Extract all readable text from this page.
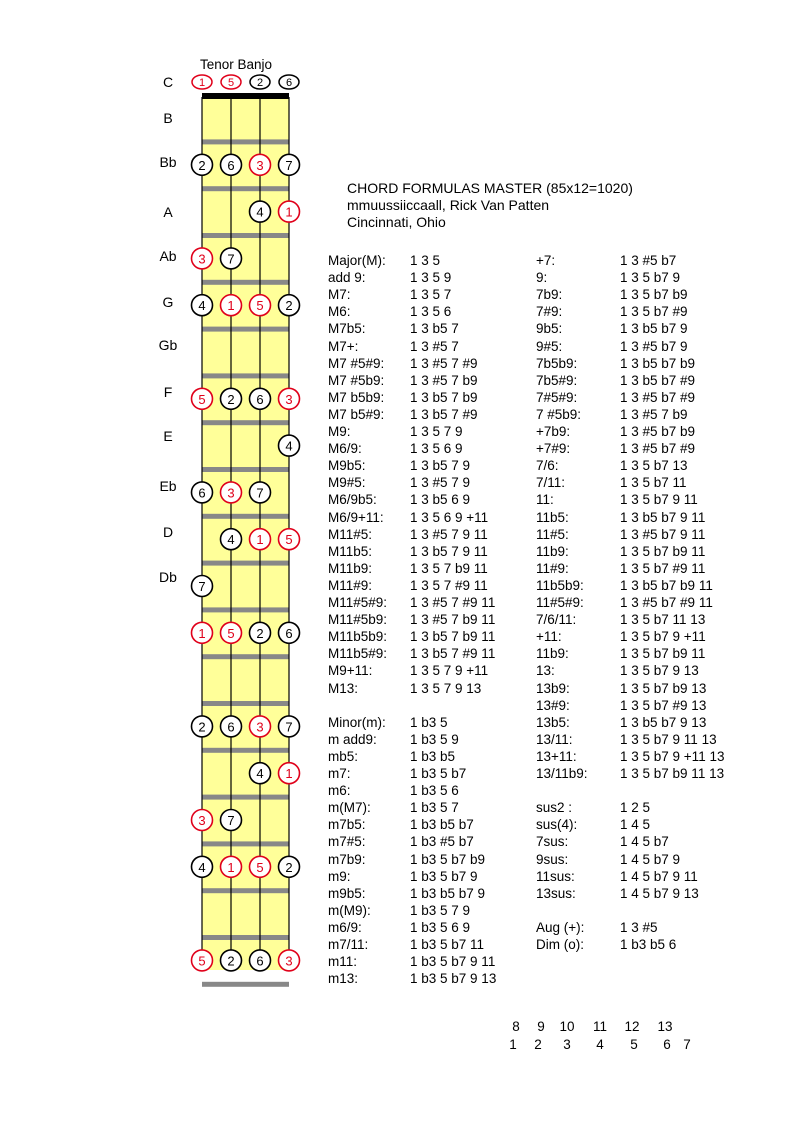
1 5 2 6
2 6 3 7
4 1
3 7
4 1 5 2
5 2 6 3
4
6 3 7
4 1 5
7
1 5 2 6
2 6 3 7
4 1
3 7
4 1 5 2
5 2 6 3
Tenor Banjo
C
B
Bb
A
Ab
G
Gb
F
E
Eb
D
Db
CHORD FORMULAS MASTER (85x12=1020)
mmuussiiccaall, Rick Van Patten
Cincinnati, Ohio
Major(M): 1 3 5
add 9:	1 3 5 9
M7:	1 3 5 7
M6:	1 3 5 6
M7b5:	1 3 b5 7
M7+:	1 3 #5 7
M7 #5#9: 1 3 #5 7 #9
M7 #5b9: 1 3 #5 7 b9
M7 b5b9: 1 3 b5 7 b9
M7 b5#9: 1 3 b5 7 #9
M9:	1 3 5 7 9
M6/9:	1 3 5 6 9
M9b5:	1 3 b5 7 9
M9#5:	1 3 #5 7 9
M6/9b5: 1 3 b5 6 9
M6/9+11: 1 3 5 6 9 +11
M11#5:	1 3 #5 7 9 11
M11b5:	1 3 b5 7 9 11
M11b9:	1 3 5 7 b9 11
M11#9:	1 3 5 7 #9 11
M11#5#9: 1 3 #5 7 #9 11
M11#5b9: 1 3 #5 7 b9 11
M11b5b9: 1 3 b5 7 b9 11
M11b5#9: 1 3 b5 7 #9 11
M9+11:	1 3 5 7 9 +11
M13:	1 3 5 7 9 13
Minor(m): 1 b3 5
m add9: 1 b3 5 9
mb5:	1 b3 b5
m7:	1 b3 5 b7
m6:	1 b3 5 6
m(M7):	1 b3 5 7
m7b5:	1 b3 b5 b7
m7#5:	1 b3 #5 b7
m7b9:	1 b3 5 b7 b9
m9:	1 b3 5 b7 9
m9b5:	1 b3 b5 b7 9
m(M9):	1 b3 5 7 9
m6/9:	1 b3 5 6 9
m7/11:	1 b3 5 b7 11
m11:	1 b3 5 b7 9 11
m13:	1 b3 5 b7 9 13
+7:	1 3 #5 b7
9:	1 3 5 b7 9
7b9:	1 3 5 b7 b9
7#9:	1 3 5 b7 #9
9b5:	1 3 b5 b7 9
9#5:	1 3 #5 b7 9
7b5b9:	1 3 b5 b7 b9
7b5#9:	1 3 b5 b7 #9
7#5#9:	1 3 #5 b7 #9
7 #5b9:	1 3 #5 7 b9
+7b9:	1 3 #5 b7 b9
+7#9:	1 3 #5 b7 #9
7/6:	1 3 5 b7 13
7/11:	1 3 5 b7 11
11:	1 3 5 b7 9 11
11b5:	1 3 b5 b7 9 11
11#5:	1 3 #5 b7 9 11
11b9:	1 3 5 b7 b9 11
11#9:	1 3 5 b7 #9 11
11b5b9:	1 3 b5 b7 b9 11
11#5#9:	1 3 #5 b7 #9 11
7/6/11:	1 3 5 b7 11 13
+11:	1 3 5 b7 9 +11
11b9:	1 3 5 b7 b9 11
13:	1 3 5 b7 9 13
13b9:	1 3 5 b7 b9 13
13#9:	1 3 5 b7 #9 13
13b5:	1 3 b5 b7 9 13
13/11:	1 3 5 b7 9 11 13
13+11:	1 3 5 b7 9 +11 13
13/11b9: 1 3 5 b7 b9 11 13
sus2 :	1 2 5
sus(4):	1 4 5
7sus:	1 4 5 b7
9sus:	1 4 5 b7 9
11sus:	1 4 5 b7 9 11
13sus:	1 4 5 b7 9 13
Aug (+):	1 3 #5
Dim (o):	1 b3 b5 6
8	9	10	11	12	13
1	2	3	4	5	6 7
